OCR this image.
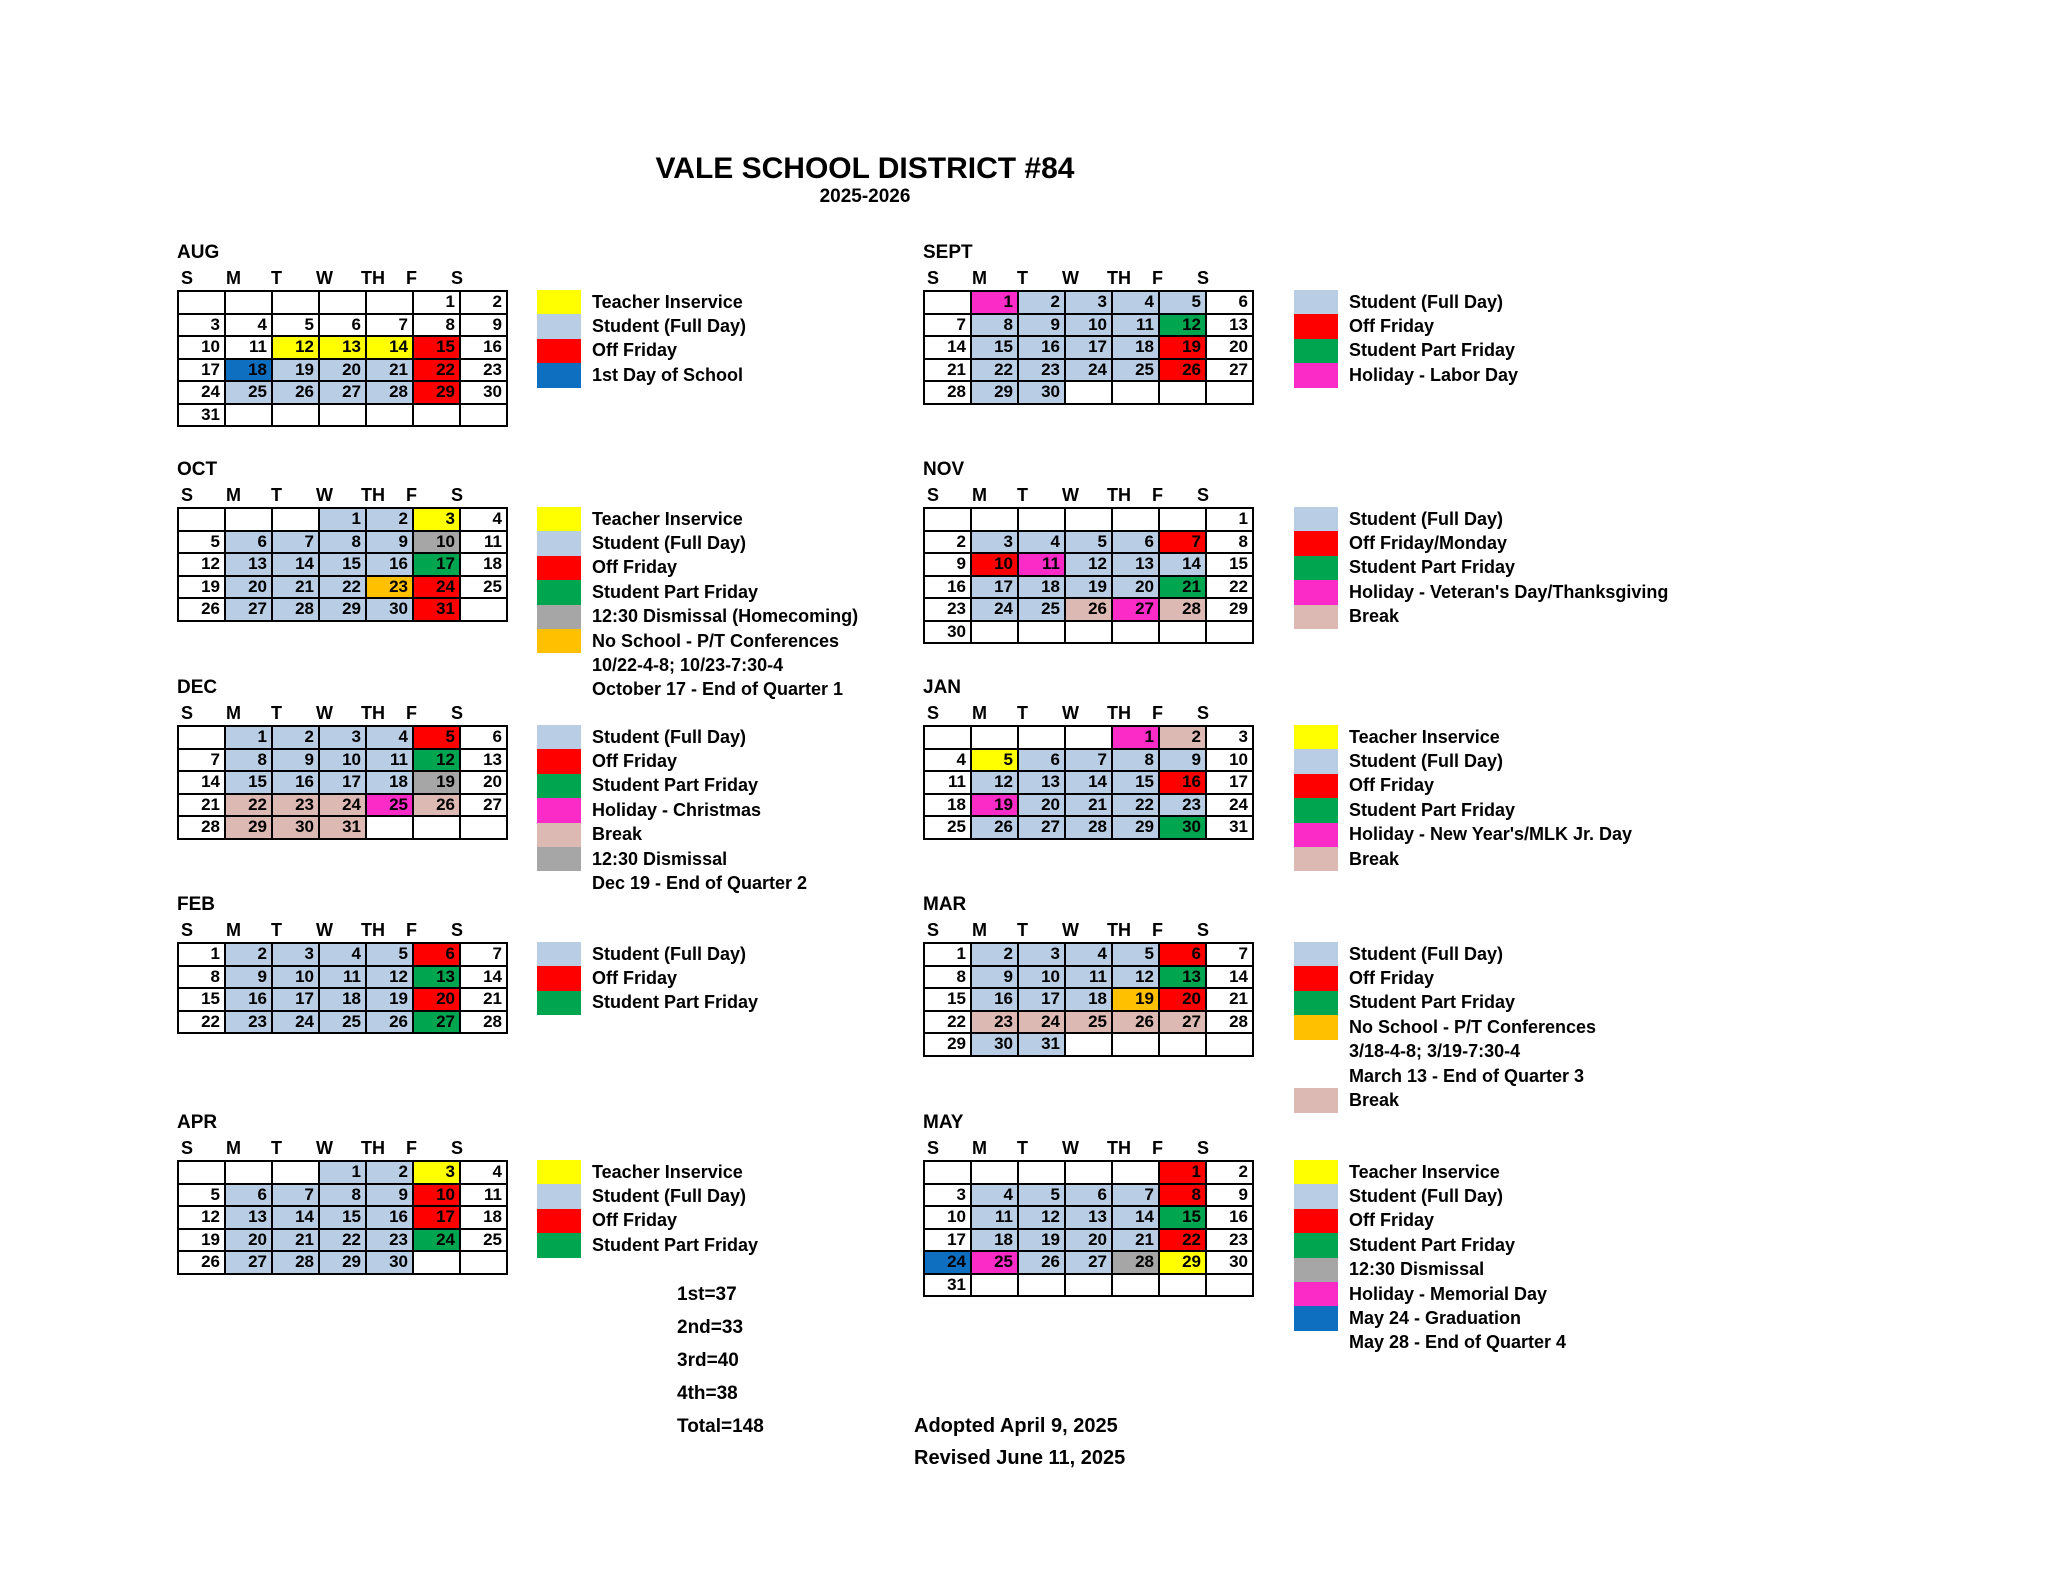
VALE SCHOOL DISTRICT #84
2025-2026
AUG
S	M	T	W	TH	F	S
					1	2
3	4	5	6	7	8	9
10	11	12	13	14	15	16
17	18	19	20	21	22	23
24	25	26	27	28	29	30
31						
Teacher Inservice
Student (Full Day)
Off Friday
1st Day of School
SEPT
S	M	T	W	TH	F	S
	1	2	3	4	5	6
7	8	9	10	11	12	13
14	15	16	17	18	19	20
21	22	23	24	25	26	27
28	29	30				
Student (Full Day)
Off Friday
Student Part Friday
Holiday - Labor Day
OCT
S	M	T	W	TH	F	S
			1	2	3	4
5	6	7	8	9	10	11
12	13	14	15	16	17	18
19	20	21	22	23	24	25
26	27	28	29	30	31	
Teacher Inservice
Student (Full Day)
Off Friday
Student Part Friday
12:30 Dismissal (Homecoming)
No School - P/T Conferences
10/22-4-8; 10/23-7:30-4
October 17 - End of Quarter 1
NOV
S	M	T	W	TH	F	S
						1
2	3	4	5	6	7	8
9	10	11	12	13	14	15
16	17	18	19	20	21	22
23	24	25	26	27	28	29
30						
Student (Full Day)
Off Friday/Monday
Student Part Friday
Holiday - Veteran's Day/Thanksgiving
Break
DEC
S	M	T	W	TH	F	S
	1	2	3	4	5	6
7	8	9	10	11	12	13
14	15	16	17	18	19	20
21	22	23	24	25	26	27
28	29	30	31			
Student (Full Day)
Off Friday
Student Part Friday
Holiday - Christmas
Break
12:30 Dismissal
Dec 19 - End of Quarter 2
JAN
S	M	T	W	TH	F	S
				1	2	3
4	5	6	7	8	9	10
11	12	13	14	15	16	17
18	19	20	21	22	23	24
25	26	27	28	29	30	31
Teacher Inservice
Student (Full Day)
Off Friday
Student Part Friday
Holiday - New Year's/MLK Jr. Day
Break
FEB
S	M	T	W	TH	F	S
1	2	3	4	5	6	7
8	9	10	11	12	13	14
15	16	17	18	19	20	21
22	23	24	25	26	27	28
Student (Full Day)
Off Friday
Student Part Friday
MAR
S	M	T	W	TH	F	S
1	2	3	4	5	6	7
8	9	10	11	12	13	14
15	16	17	18	19	20	21
22	23	24	25	26	27	28
29	30	31				
Student (Full Day)
Off Friday
Student Part Friday
No School - P/T Conferences
3/18-4-8; 3/19-7:30-4
March 13 - End of Quarter 3
Break
APR
S	M	T	W	TH	F	S
			1	2	3	4
5	6	7	8	9	10	11
12	13	14	15	16	17	18
19	20	21	22	23	24	25
26	27	28	29	30		
Teacher Inservice
Student (Full Day)
Off Friday
Student Part Friday
MAY
S	M	T	W	TH	F	S
					1	2
3	4	5	6	7	8	9
10	11	12	13	14	15	16
17	18	19	20	21	22	23
24	25	26	27	28	29	30
31						
Teacher Inservice
Student (Full Day)
Off Friday
Student Part Friday
12:30 Dismissal
Holiday - Memorial Day
May 24 - Graduation
May 28 - End of Quarter 4
1st=37
2nd=33
3rd=40
4th=38
Total=148	Adopted April 9, 2025
Revised June 11, 2025
